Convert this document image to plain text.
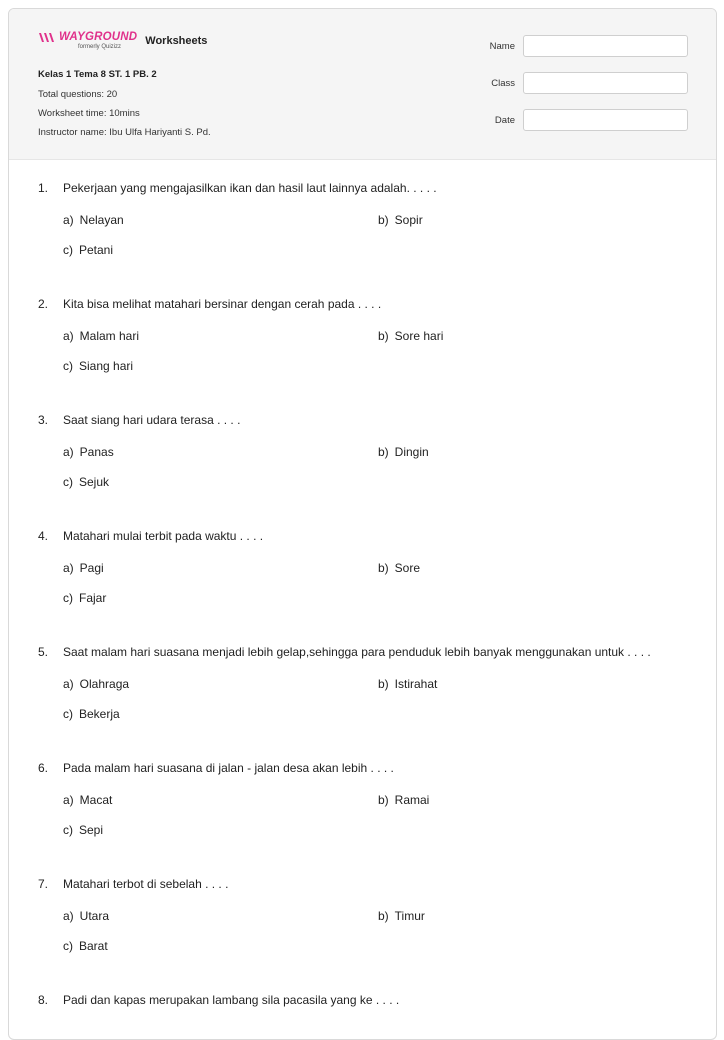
WAYGROUND
formerly Quizizz Worksheets
Kelas 1 Tema 8 ST. 1 PB. 2
Total questions: 20
Worksheet time: 10mins
Instructor name: Ibu Ulfa Hariyanti S. Pd.
Name
Class
Date
1.	Pekerjaan yang mengajasilkan ikan dan hasil laut lainnya adalah. . . . .
a) Nelayan	b) Sopir
c) Petani
2.	Kita bisa melihat matahari bersinar dengan cerah pada . . . .
a) Malam hari	b) Sore hari
c) Siang hari
3.	Saat siang hari udara terasa . . . .
a) Panas	b) Dingin
c) Sejuk
4.	Matahari mulai terbit pada waktu . . . .
a) Pagi	b) Sore
c) Fajar
5.	Saat malam hari suasana menjadi lebih gelap,sehingga para penduduk lebih banyak menggunakan untuk . . . .
a) Olahraga	b) Istirahat
c) Bekerja
6.	Pada malam hari suasana di jalan - jalan desa akan lebih . . . .
a) Macat	b) Ramai
c) Sepi
7.	Matahari terbot di sebelah . . . .
a) Utara	b) Timur
c) Barat
8.	Padi dan kapas merupakan lambang sila pacasila yang ke . . . .
